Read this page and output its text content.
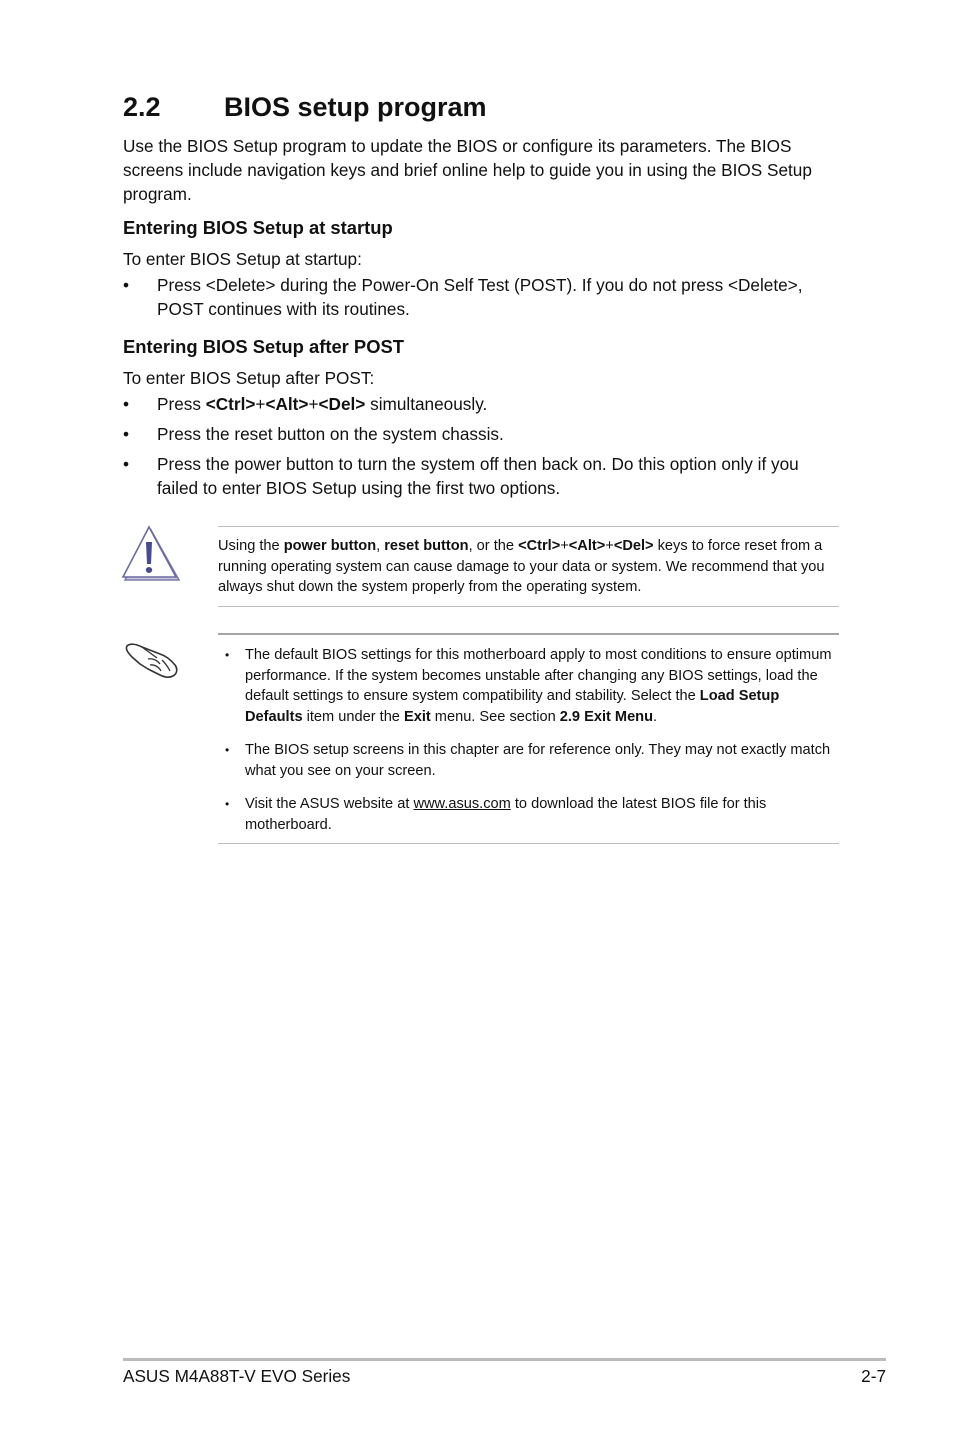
2.2 BIOS setup program

Use the BIOS Setup program to update the BIOS or configure its parameters. The BIOS screens include navigation keys and brief online help to guide you in using the BIOS Setup program.

Entering BIOS Setup at startup

To enter BIOS Setup at startup:

• Press <Delete> during the Power-On Self Test (POST). If you do not press <Delete>, POST continues with its routines.
Entering BIOS Setup after POST

To enter BIOS Setup after POST:

• Press <Ctrl>+<Alt>+<Del> simultaneously.
• Press the reset button on the system chassis.
• Press the power button to turn the system off then back on. Do this option only if you failed to enter BIOS Setup using the first two options.

Using the power button, reset button, or the <Ctrl>+<Alt>+<Del> keys to force reset from a running operating system can cause damage to your data or system. We recommend that you always shut down the system properly from the operating system.

• The default BIOS settings for this motherboard apply to most conditions to ensure optimum performance. If the system becomes unstable after changing any BIOS settings, load the default settings to ensure system compatibility and stability. Select the Load Setup Defaults item under the Exit menu. See section 2.9 Exit Menu.
• The BIOS setup screens in this chapter are for reference only. They may not exactly match what you see on your screen.
• Visit the ASUS website at www.asus.com to download the latest BIOS file for this motherboard.

ASUS M4A88T-V EVO Series	2-7
